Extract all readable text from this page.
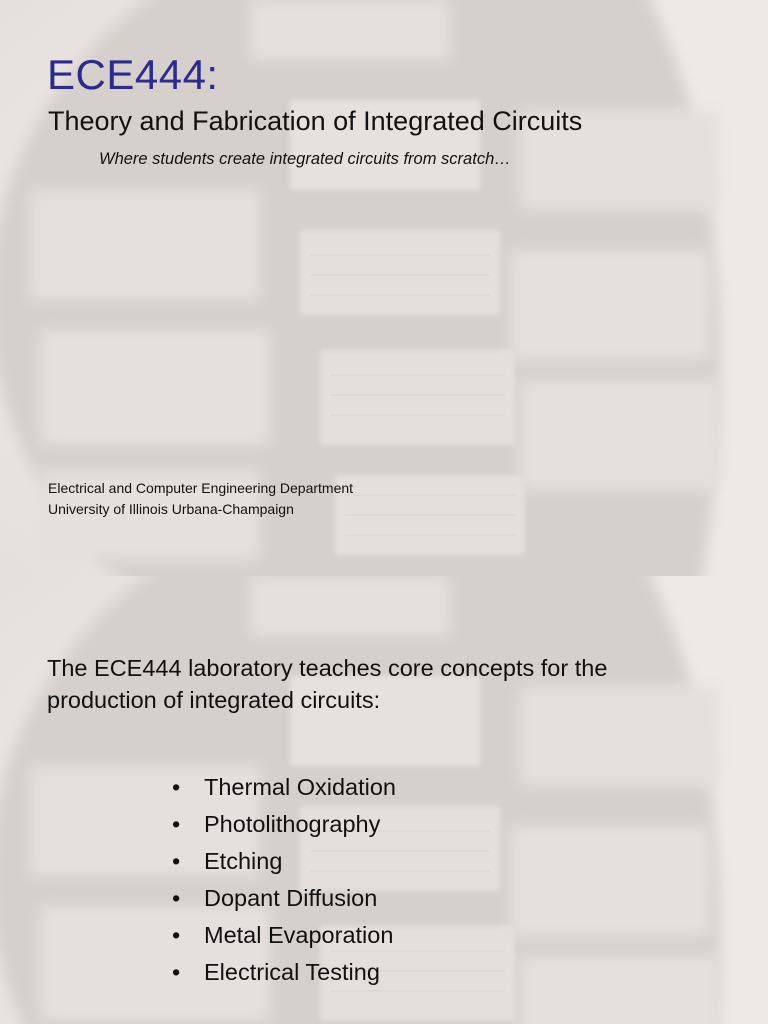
ECE444:
Theory and Fabrication of Integrated Circuits
Where students create integrated circuits from scratch…
Electrical and Computer Engineering Department
University of Illinois Urbana-Champaign
The ECE444 laboratory teaches core concepts for the production of integrated circuits:
• Thermal Oxidation
• Photolithography
• Etching
• Dopant Diffusion
• Metal Evaporation
• Electrical Testing
